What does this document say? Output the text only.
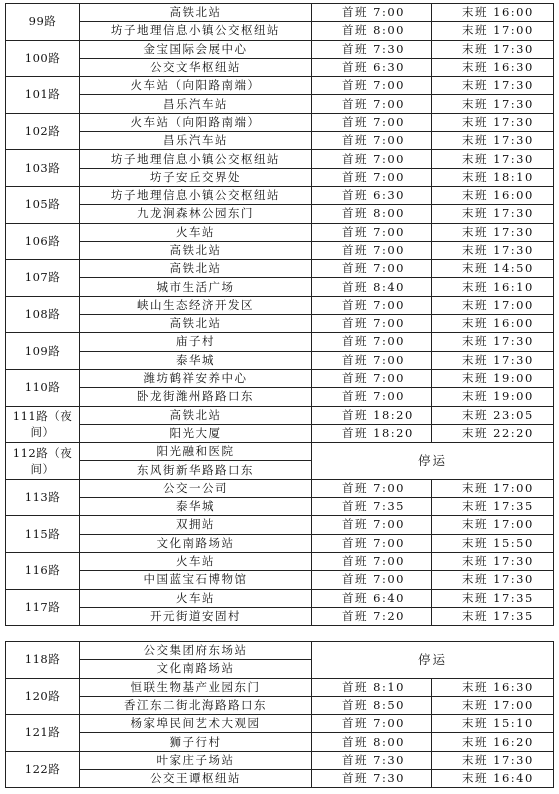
99路	高铁北站	首班 7:00	末班 16:00
	坊子地理信息小镇公交枢纽站	首班 8:00	末班 17:00
100路	金宝国际会展中心	首班 7:30	末班 17:30
	公交文华枢纽站	首班 6:30	末班 16:30
101路	火车站（向阳路南端）	首班 7:00	末班 17:30
	昌乐汽车站	首班 7:00	末班 17:30
102路	火车站（向阳路南端）	首班 7:00	末班 17:30
	昌乐汽车站	首班 7:00	末班 17:30
103路	坊子地理信息小镇公交枢纽站	首班 7:00	末班 17:30
	坊子安丘交界处	首班 7:00	末班 18:10
105路	坊子地理信息小镇公交枢纽站	首班 6:30	末班 16:00
	九龙涧森林公园东门	首班 8:00	末班 17:30
106路	火车站	首班 7:00	末班 17:30
	高铁北站	首班 7:00	末班 17:30
107路	高铁北站	首班 7:00	末班 14:50
	城市生活广场	首班 8:40	末班 16:10
108路	峡山生态经济开发区	首班 7:00	末班 17:00
	高铁北站	首班 7:00	末班 16:00
109路	庙子村	首班 7:00	末班 17:30
	泰华城	首班 7:00	末班 17:30
110路	潍坊鹤祥安养中心	首班 7:00	末班 19:00
	卧龙街潍州路路口东	首班 7:00	末班 19:00
111路（夜间）	高铁北站	首班 18:20	末班 23:05
	阳光大厦	首班 18:20	末班 22:20
112路（夜间）	阳光融和医院	停运	
	东风街新华路路口东		
113路	公交一公司	首班 7:00	末班 17:00
	泰华城	首班 7:35	末班 17:35
115路	双拥站	首班 7:00	末班 17:00
	文化南路场站	首班 7:00	末班 15:50
116路	火车站	首班 7:00	末班 17:30
	中国蓝宝石博物馆	首班 7:00	末班 17:30
117路	火车站	首班 6:40	末班 17:35
	开元街道安固村	首班 7:20	末班 17:35
118路	公交集团府东场站	停运	
	文化南路场站		
120路	恒联生物基产业园东门	首班 8:10	末班 16:30
	香江东二街北海路路口东	首班 8:50	末班 17:00
121路	杨家埠民间艺术大观园	首班 7:00	末班 15:10
	狮子行村	首班 8:00	末班 16:20
122路	叶家庄子场站	首班 7:30	末班 17:30
	公交王谭枢纽站	首班 7:30	末班 16:40
